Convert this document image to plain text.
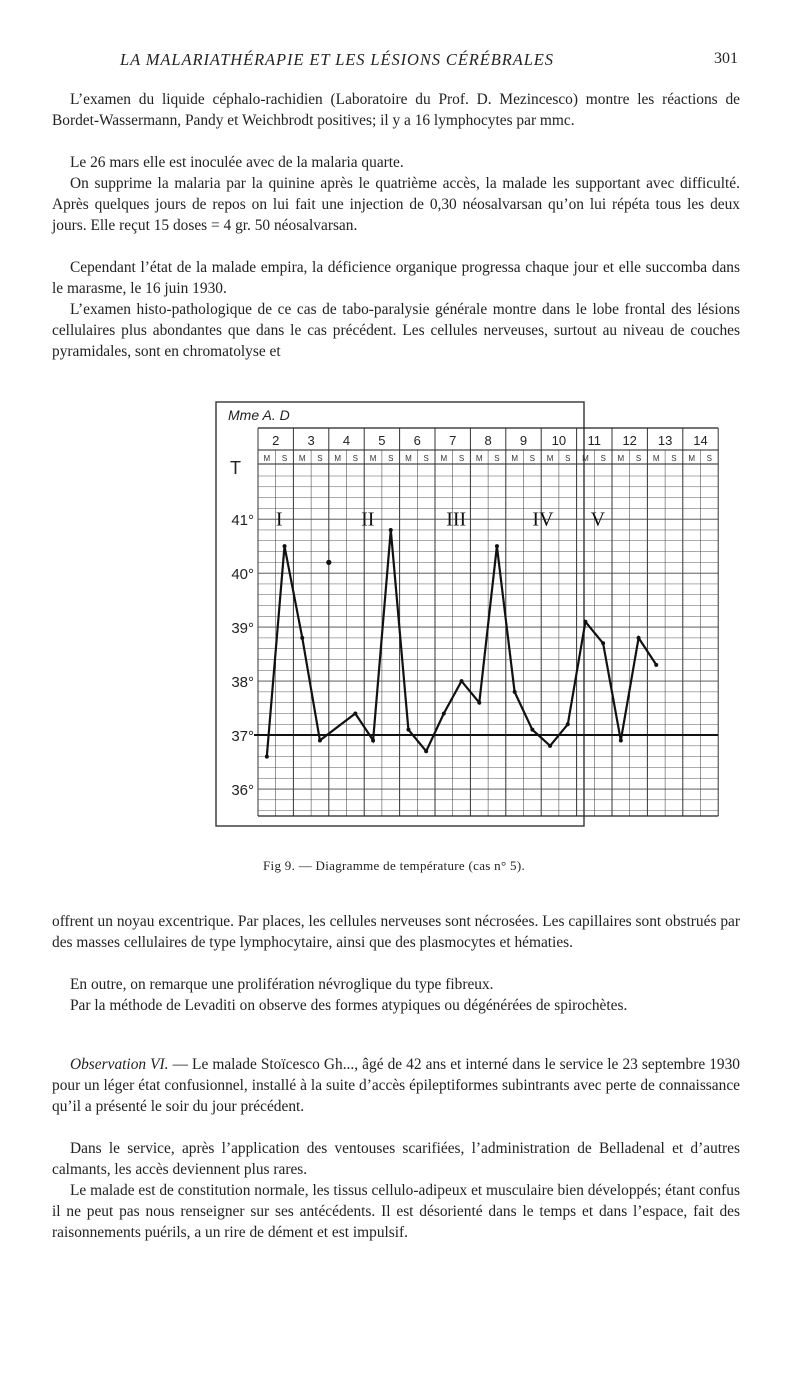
LA MALARIATHÉRAPIE ET LES LÉSIONS CÉRÉBRALES	301

L’examen du liquide céphalo-rachidien (Laboratoire du Prof. D. Mezincesco) montre les réactions de Bordet-Wassermann, Pandy et Weichbrodt positives; il y a 16 lymphocytes par mmc.

Le 26 mars elle est inoculée avec de la malaria quarte.

On supprime la malaria par la quinine après le quatrième accès, la malade les supportant avec difficulté. Après quelques jours de repos on lui fait une injection de 0,30 néosalvarsan qu’on lui répéta tous les deux jours. Elle reçut 15 doses = 4 gr. 50 néosalvarsan.

Cependant l’état de la malade empira, la déficience organique progressa chaque jour et elle succomba dans le marasme, le 16 juin 1930.

L’examen histo-pathologique de ce cas de tabo-paralysie générale montre dans le lobe frontal des lésions cellulaires plus abondantes que dans le cas précédent. Les cellules nerveuses, surtout au niveau de couches pyramidales, sont en chromatolyse et

Mme A. D
T
2
M S
3
M S
4
M S
5
M S
6
M S
7
M S
8
M S
9
M S
10
M S
11
M S
12
M S
13
M S
14
M S
41°
40°
39°
38°
37°
36°
I	II	III	IV V
Fig 9. — Diagramme de température (cas n° 5).

offrent un noyau excentrique. Par places, les cellules nerveuses sont nécrosées. Les capillaires sont obstrués par des masses cellulaires de type lymphocytaire, ainsi que des plasmocytes et hématies.

En outre, on remarque une prolifération névroglique du type fibreux.

Par la méthode de Levaditi on observe des formes atypiques ou dégénérées de spirochètes.

Observation VI. — Le malade Stoïcesco Gh..., âgé de 42 ans et interné dans le service le 23 septembre 1930 pour un léger état confusionnel, installé à la suite d’accès épileptiformes subintrants avec perte de connaissance qu’il a présenté le soir du jour précédent.

Dans le service, après l’application des ventouses scarifiées, l’administration de Belladenal et d’autres calmants, les accès deviennent plus rares.

Le malade est de constitution normale, les tissus cellulo-adipeux et musculaire bien développés; étant confus il ne peut pas nous renseigner sur ses antécédents. Il est désorienté dans le temps et dans l’espace, fait des raisonnements puérils, a un rire de dément et est impulsif.
